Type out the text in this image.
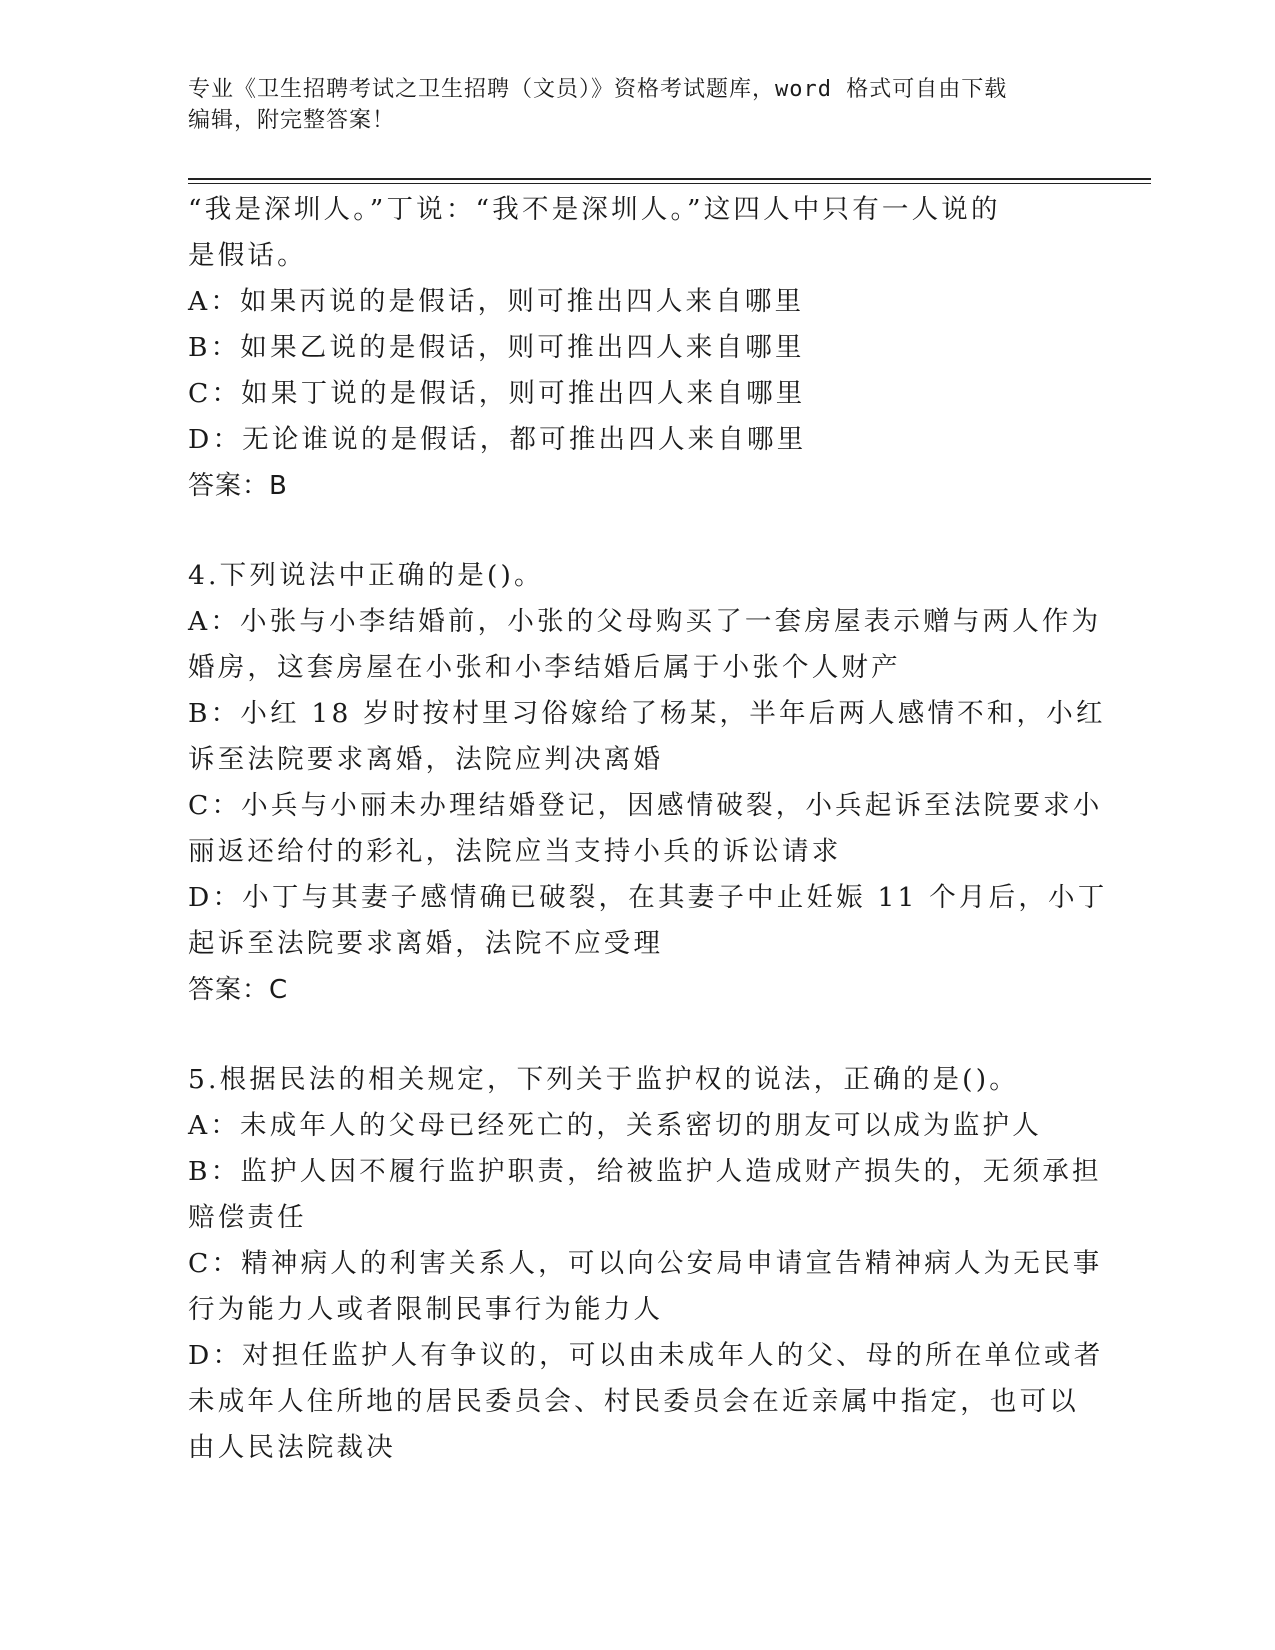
专业《卫生招聘考试之卫生招聘（文员）》资格考试题库，word 格式可自由下载
编辑，附完整答案！
“我是深圳人。”丁说：“我不是深圳人。”这四人中只有一人说的
是假话。
A：如果丙说的是假话，则可推出四人来自哪里
B：如果乙说的是假话，则可推出四人来自哪里
C：如果丁说的是假话，则可推出四人来自哪里
D：无论谁说的是假话，都可推出四人来自哪里
答案：B
4.下列说法中正确的是()。
A：小张与小李结婚前，小张的父母购买了一套房屋表示赠与两人作为
婚房，这套房屋在小张和小李结婚后属于小张个人财产
B：小红 18 岁时按村里习俗嫁给了杨某，半年后两人感情不和，小红
诉至法院要求离婚，法院应判决离婚
C：小兵与小丽未办理结婚登记，因感情破裂，小兵起诉至法院要求小
丽返还给付的彩礼，法院应当支持小兵的诉讼请求
D：小丁与其妻子感情确已破裂，在其妻子中止妊娠 11 个月后，小丁
起诉至法院要求离婚，法院不应受理
答案：C
5.根据民法的相关规定，下列关于监护权的说法，正确的是()。
A：未成年人的父母已经死亡的，关系密切的朋友可以成为监护人
B：监护人因不履行监护职责，给被监护人造成财产损失的，无须承担
赔偿责任
C：精神病人的利害关系人，可以向公安局申请宣告精神病人为无民事
行为能力人或者限制民事行为能力人
D：对担任监护人有争议的，可以由未成年人的父、母的所在单位或者
未成年人住所地的居民委员会、村民委员会在近亲属中指定，也可以
由人民法院裁决
